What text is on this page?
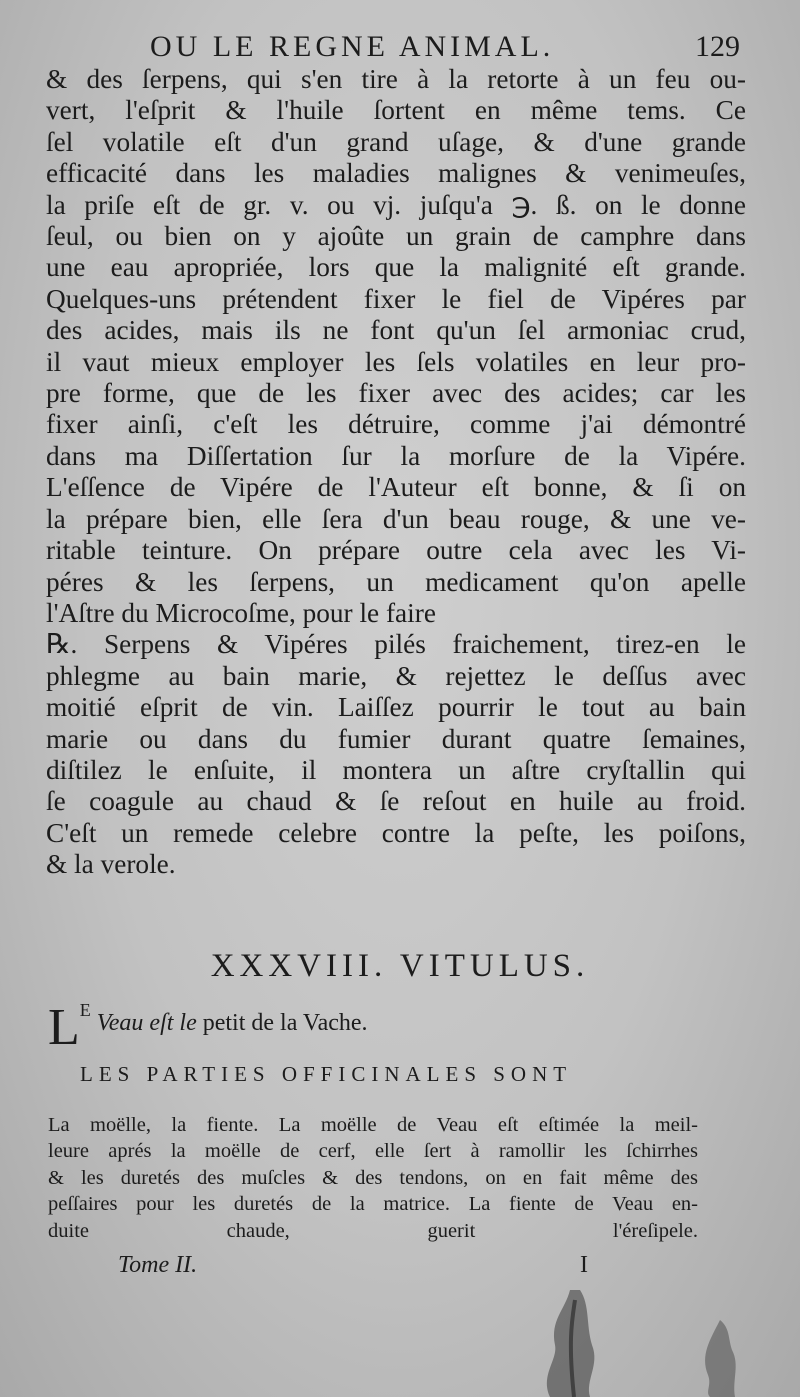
OU LE REGNE ANIMAL.	129
& des ſerpens, qui s'en tire à la retorte à un feu ou-
vert, l'eſprit & l'huile ſortent en même tems. Ce
ſel volatile eſt d'un grand uſage, & d'une grande
efficacité dans les maladies malignes & venimeuſes,
la priſe eſt de gr. v. ou vj. juſqu'a ℈. ß. on le donne
ſeul, ou bien on y ajoûte un grain de camphre dans
une eau apropriée, lors que la malignité eſt grande.
Quelques-uns prétendent fixer le fiel de Vipéres par
des acides, mais ils ne font qu'un ſel armoniac crud,
il vaut mieux employer les ſels volatiles en leur pro-
pre forme, que de les fixer avec des acides; car les
fixer ainſi, c'eſt les détruire, comme j'ai démontré
dans ma Diſſertation ſur la morſure de la Vipére.
L'eſſence de Vipére de l'Auteur eſt bonne, & ſi on
la prépare bien, elle ſera d'un beau rouge, & une ve-
ritable teinture. On prépare outre cela avec les Vi-
péres & les ſerpens, un medicament qu'on apelle
l'Aſtre du Microcoſme, pour le faire
℞. Serpens & Vipéres pilés fraichement, tirez-en le
phlegme au bain marie, & rejettez le deſſus avec
moitié eſprit de vin. Laiſſez pourrir le tout au bain
marie ou dans du fumier durant quatre ſemaines,
diſtilez le enſuite, il montera un aſtre cryſtallin qui
ſe coagule au chaud & ſe reſout en huile au froid.
C'eſt un remede celebre contre la peſte, les poiſons,
& la verole.
XXXVIII. VITULUS.
$L^E$ Veau eſt le petit de la Vache.
LES PARTIES OFFICINALES SONT
La moëlle, la fiente. La moëlle de Veau eſt eſtimée la meil-
leure aprés la moëlle de cerf, elle ſert à ramollir les ſchirrhes
& les duretés des muſcles & des tendons, on en fait même des
peſſaires pour les duretés de la matrice. La fiente de Veau en-
duite chaude, guerit l'éreſipele.
Tome II.	I
